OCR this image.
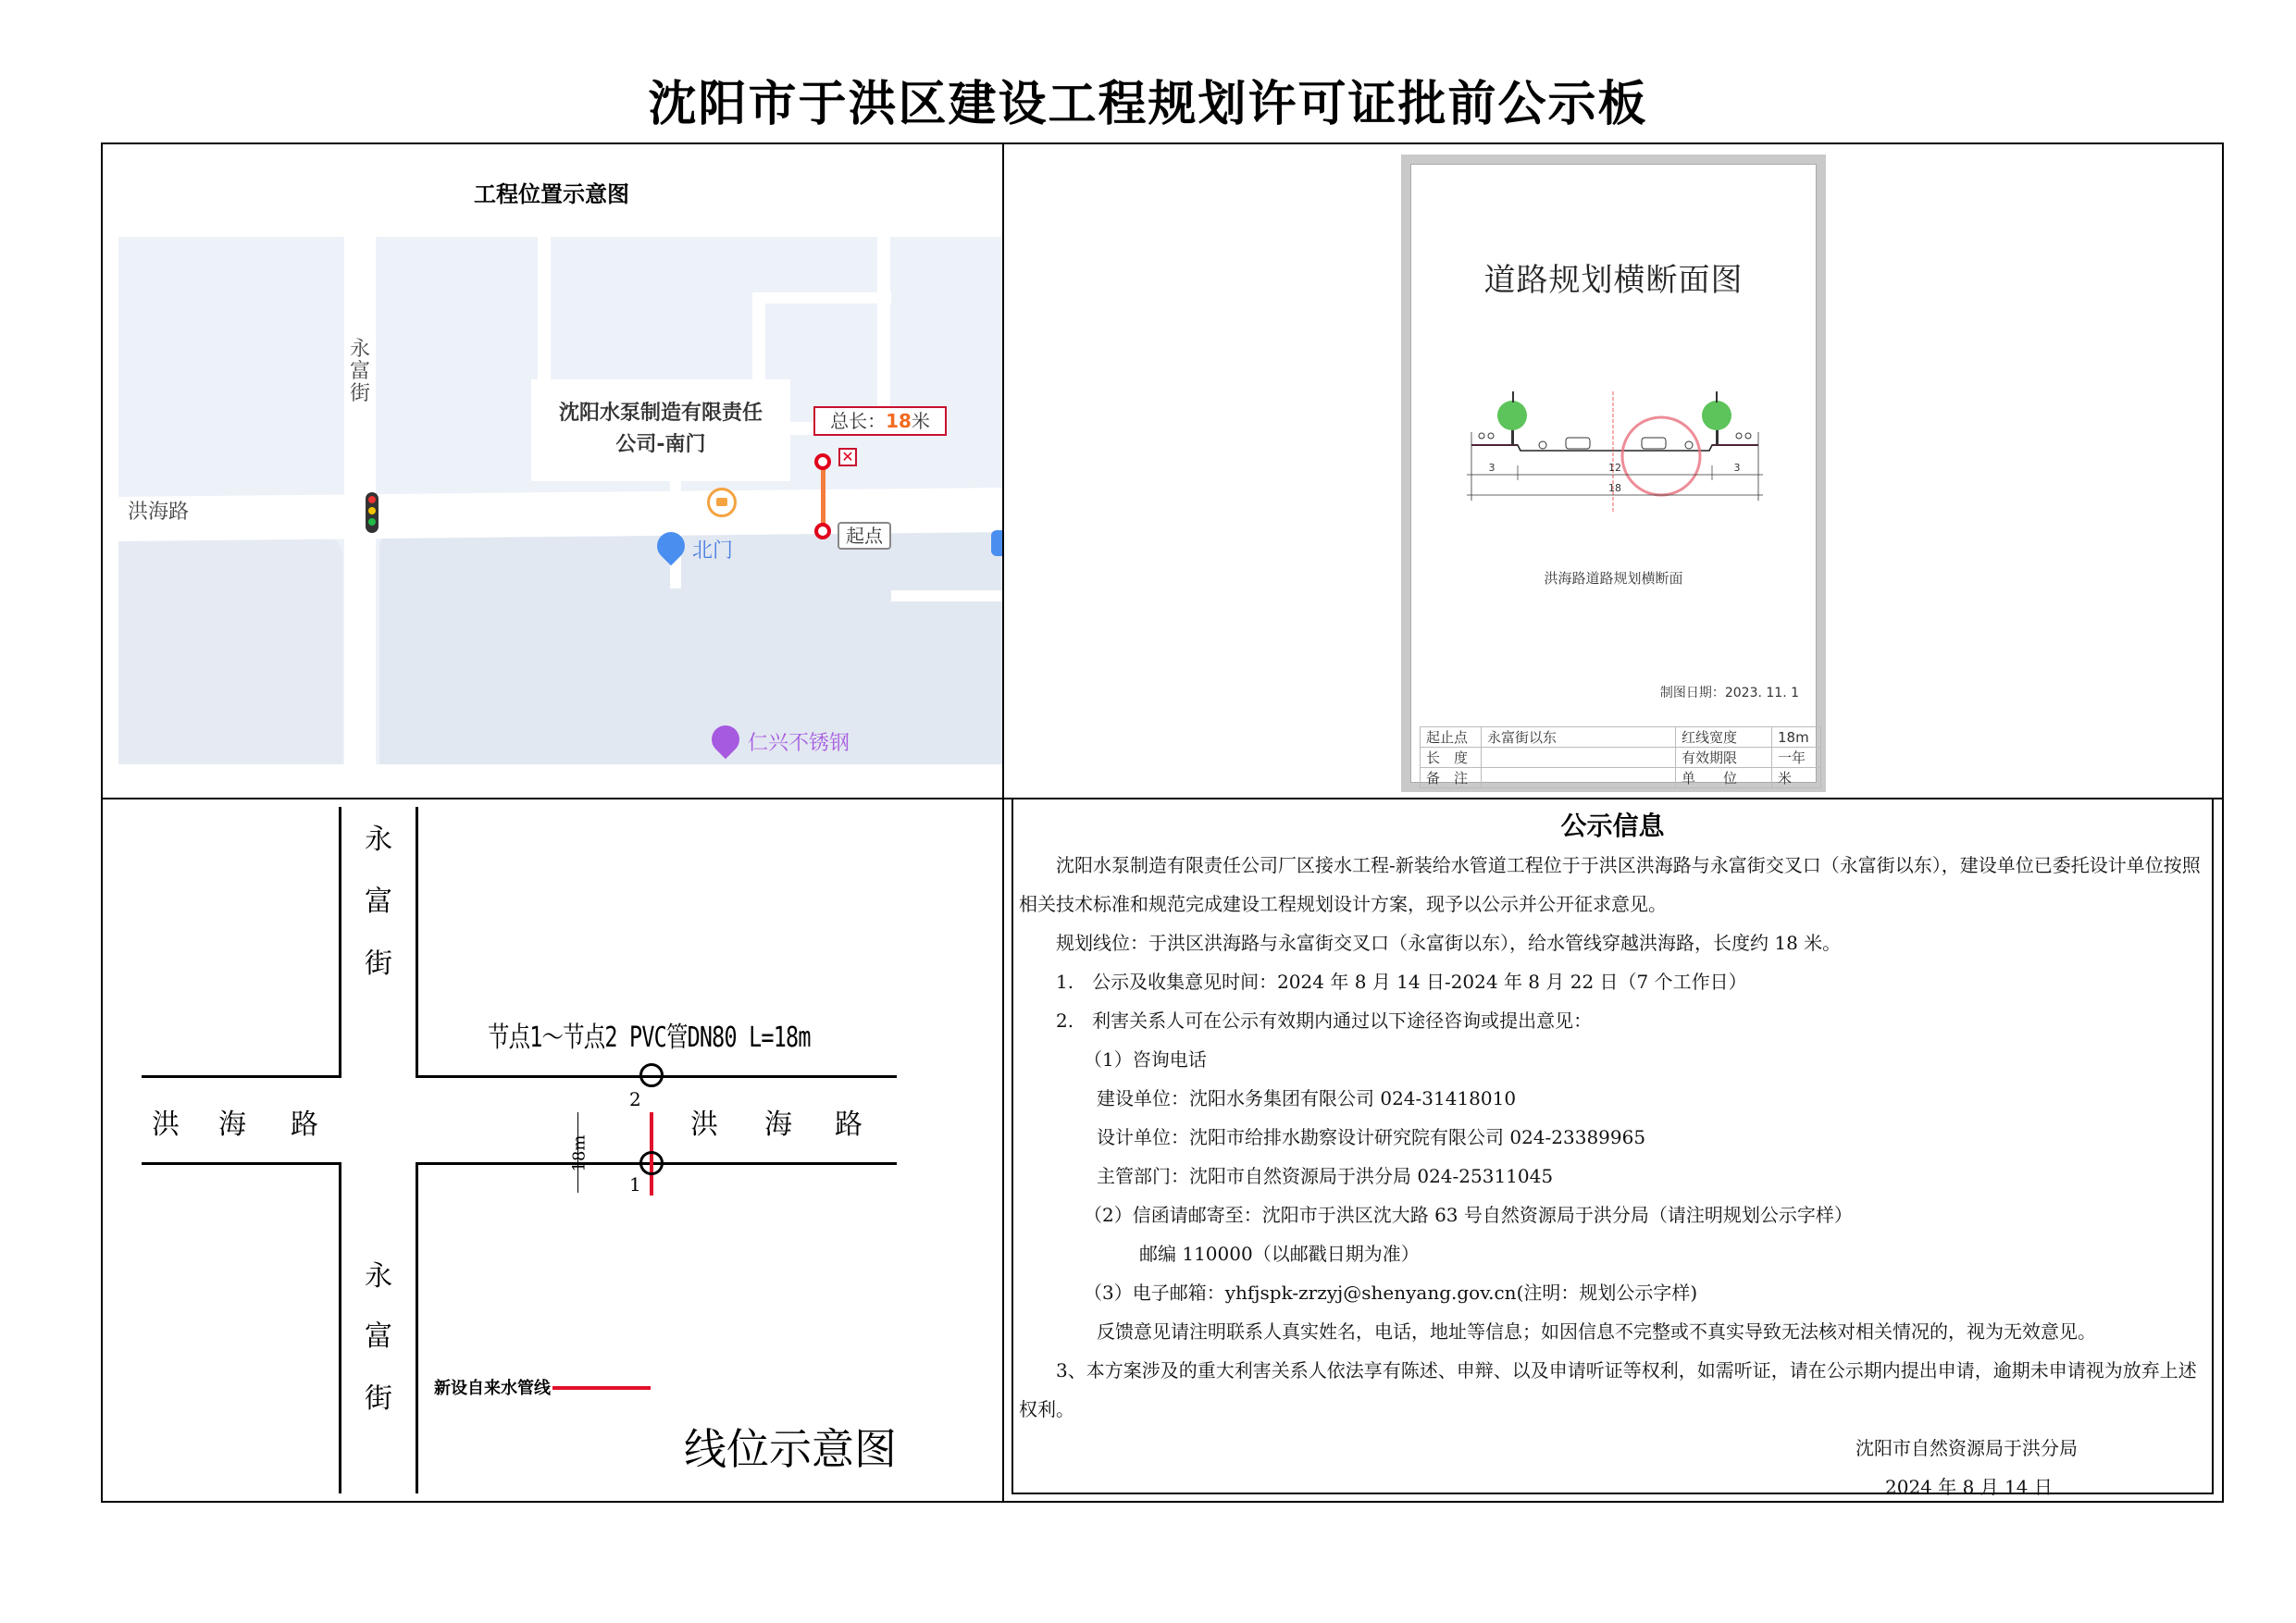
沈阳市于洪区建设工程规划许可证批前公示板
工程位置示意图
洪海路
永富街
沈阳水泵制造有限责任
公司-南门
总长：18米
✕
起点
北门
仁兴不锈钢
道路规划横断面图
3	12	3
18
洪海路道路规划横断面
制图日期：2023. 11. 1
起止点	永富街以东	红线宽度	18m
长　度		有效期限	一年
备　注		单　　位	米
永
富
街
永
富
街
洪 海 路	洪 海 路
节点1～节点2 PVC管DN80 L=18m
18m
2
1
新设自来水管线
线位示意图
公示信息
沈阳水泵制造有限责任公司厂区接水工程-新装给水管道工程位于于洪区洪海路与永富街交叉口（永富街以东），建设单位已委托设计单位按照相关技术标准和规范完成建设工程规划设计方案，现予以公示并公开征求意见。
规划线位：于洪区洪海路与永富街交叉口（永富街以东），给水管线穿越洪海路，长度约 18 米。
1.　公示及收集意见时间：2024 年 8 月 14 日-2024 年 8 月 22 日（7 个工作日）
2.　利害关系人可在公示有效期内通过以下途径咨询或提出意见：
（1）咨询电话
建设单位：沈阳水务集团有限公司 024-31418010
设计单位：沈阳市给排水勘察设计研究院有限公司 024-23389965
主管部门：沈阳市自然资源局于洪分局 024-25311045
（2）信函请邮寄至：沈阳市于洪区沈大路 63 号自然资源局于洪分局（请注明规划公示字样）
邮编 110000（以邮戳日期为准）
（3）电子邮箱：yhfjspk-zrzyj@shenyang.gov.cn(注明：规划公示字样)
反馈意见请注明联系人真实姓名，电话，地址等信息；如因信息不完整或不真实导致无法核对相关情况的，视为无效意见。
3、本方案涉及的重大利害关系人依法享有陈述、申辩、以及申请听证等权利，如需听证，请在公示期内提出申请，逾期未申请视为放弃上述权利。
沈阳市自然资源局于洪分局
2024 年 8 月 14 日
